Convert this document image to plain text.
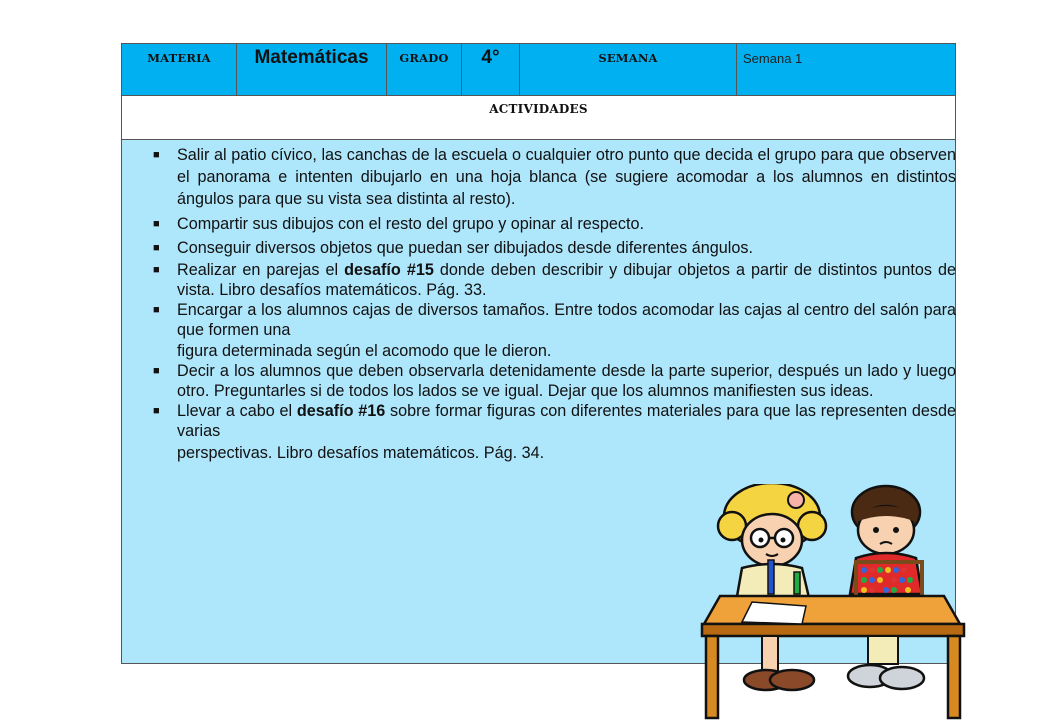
MATERIA	Matemáticas	GRADO	4°	SEMANA	Semana 1
ACTIVIDADES
■ Salir al patio cívico, las canchas de la escuela o cualquier otro punto que decida el grupo para que observen el panorama e intenten dibujarlo en una hoja blanca (se sugiere acomodar a los alumnos en distintos ángulos para que su vista sea distinta al resto).
■ Compartir sus dibujos con el resto del grupo y opinar al respecto.
■ Conseguir diversos objetos que puedan ser dibujados desde diferentes ángulos.
■ Realizar en parejas el desafío #15 donde deben describir y dibujar objetos a partir de distintos puntos de vista. Libro desafíos matemáticos. Pág. 33.
■ Encargar a los alumnos cajas de diversos tamaños. Entre todos acomodar las cajas al centro del salón para que formen una
figura determinada según el acomodo que le dieron.
■ Decir a los alumnos que deben observarla detenidamente desde la parte superior, después un lado y luego otro. Preguntarles si de todos los lados se ve igual. Dejar que los alumnos manifiesten sus ideas.
■ Llevar a cabo el desafío #16 sobre formar figuras con diferentes materiales para que las representen desde varias
perspectivas. Libro desafíos matemáticos. Pág. 34.
